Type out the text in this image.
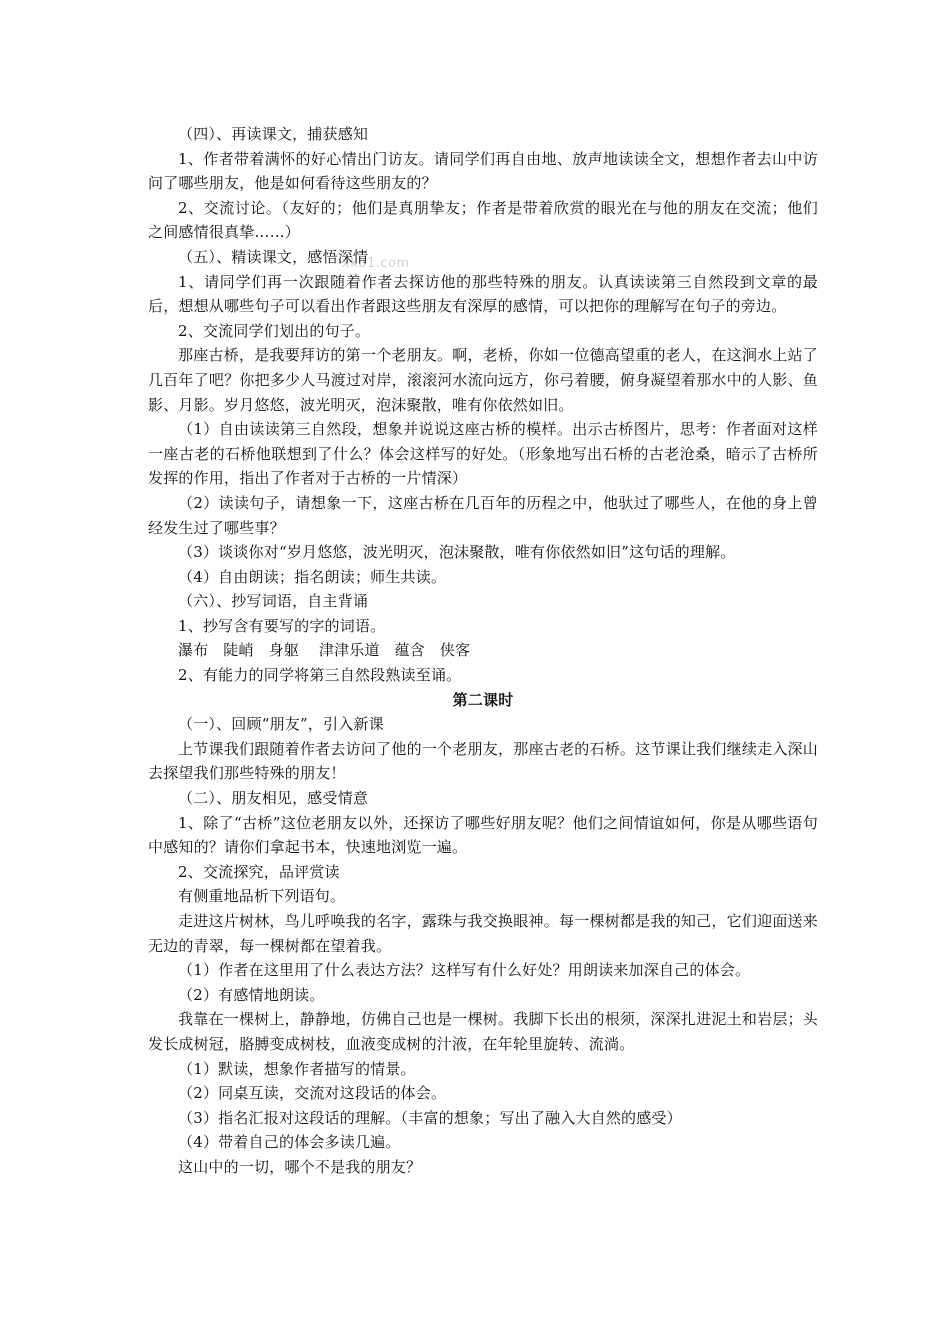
xkb1.com

（四）、再读课文，捕获感知

1、作者带着满怀的好心情出门访友。请同学们再自由地、放声地读读全文，想想作者去山中访问了哪些朋友，他是如何看待这些朋友的？

2、交流讨论。（友好的；他们是真朋挚友；作者是带着欣赏的眼光在与他的朋友在交流；他们之间感情很真挚……）

（五）、精读课文，感悟深情

1、请同学们再一次跟随着作者去探访他的那些特殊的朋友。认真读读第三自然段到文章的最后，想想从哪些句子可以看出作者跟这些朋友有深厚的感情，可以把你的理解写在句子的旁边。

2、交流同学们划出的句子。

那座古桥，是我要拜访的第一个老朋友。啊，老桥，你如一位德高望重的老人，在这涧水上站了几百年了吧？你把多少人马渡过对岸，滚滚河水流向远方，你弓着腰，俯身凝望着那水中的人影、鱼影、月影。岁月悠悠，波光明灭，泡沫聚散，唯有你依然如旧。

（1）自由读读第三自然段，想象并说说这座古桥的模样。出示古桥图片，思考：作者面对这样一座古老的石桥他联想到了什么？体会这样写的好处。（形象地写出石桥的古老沧桑，暗示了古桥所发挥的作用，指出了作者对于古桥的一片情深）

（2）读读句子，请想象一下，这座古桥在几百年的历程之中，他驮过了哪些人，在他的身上曾经发生过了哪些事？

（3）谈谈你对“岁月悠悠，波光明灭，泡沫聚散，唯有你依然如旧”这句话的理解。

（4）自由朗读；指名朗读；师生共读。

（六）、抄写词语，自主背诵

1、抄写含有要写的字的词语。

瀑布   陡峭   身躯    津津乐道   蕴含   侠客

2、有能力的同学将第三自然段熟读至诵。

第二课时

（一）、回顾“朋友”，引入新课

上节课我们跟随着作者去访问了他的一个老朋友，那座古老的石桥。这节课让我们继续走入深山去探望我们那些特殊的朋友！

（二）、朋友相见，感受情意

1、除了“古桥”这位老朋友以外，还探访了哪些好朋友呢？他们之间情谊如何，你是从哪些语句中感知的？请你们拿起书本，快速地浏览一遍。

2、交流探究，品评赏读

有侧重地品析下列语句。

走进这片树林，鸟儿呼唤我的名字，露珠与我交换眼神。每一棵树都是我的知己，它们迎面送来无边的青翠，每一棵树都在望着我。

（1）作者在这里用了什么表达方法？这样写有什么好处？用朗读来加深自己的体会。

（2）有感情地朗读。

我靠在一棵树上，静静地，仿佛自己也是一棵树。我脚下长出的根须，深深扎进泥土和岩层；头发长成树冠，胳膊变成树枝，血液变成树的汁液，在年轮里旋转、流淌。

（1）默读，想象作者描写的情景。

（2）同桌互读，交流对这段话的体会。

（3）指名汇报对这段话的理解。（丰富的想象；写出了融入大自然的感受）

（4）带着自己的体会多读几遍。

这山中的一切，哪个不是我的朋友？
